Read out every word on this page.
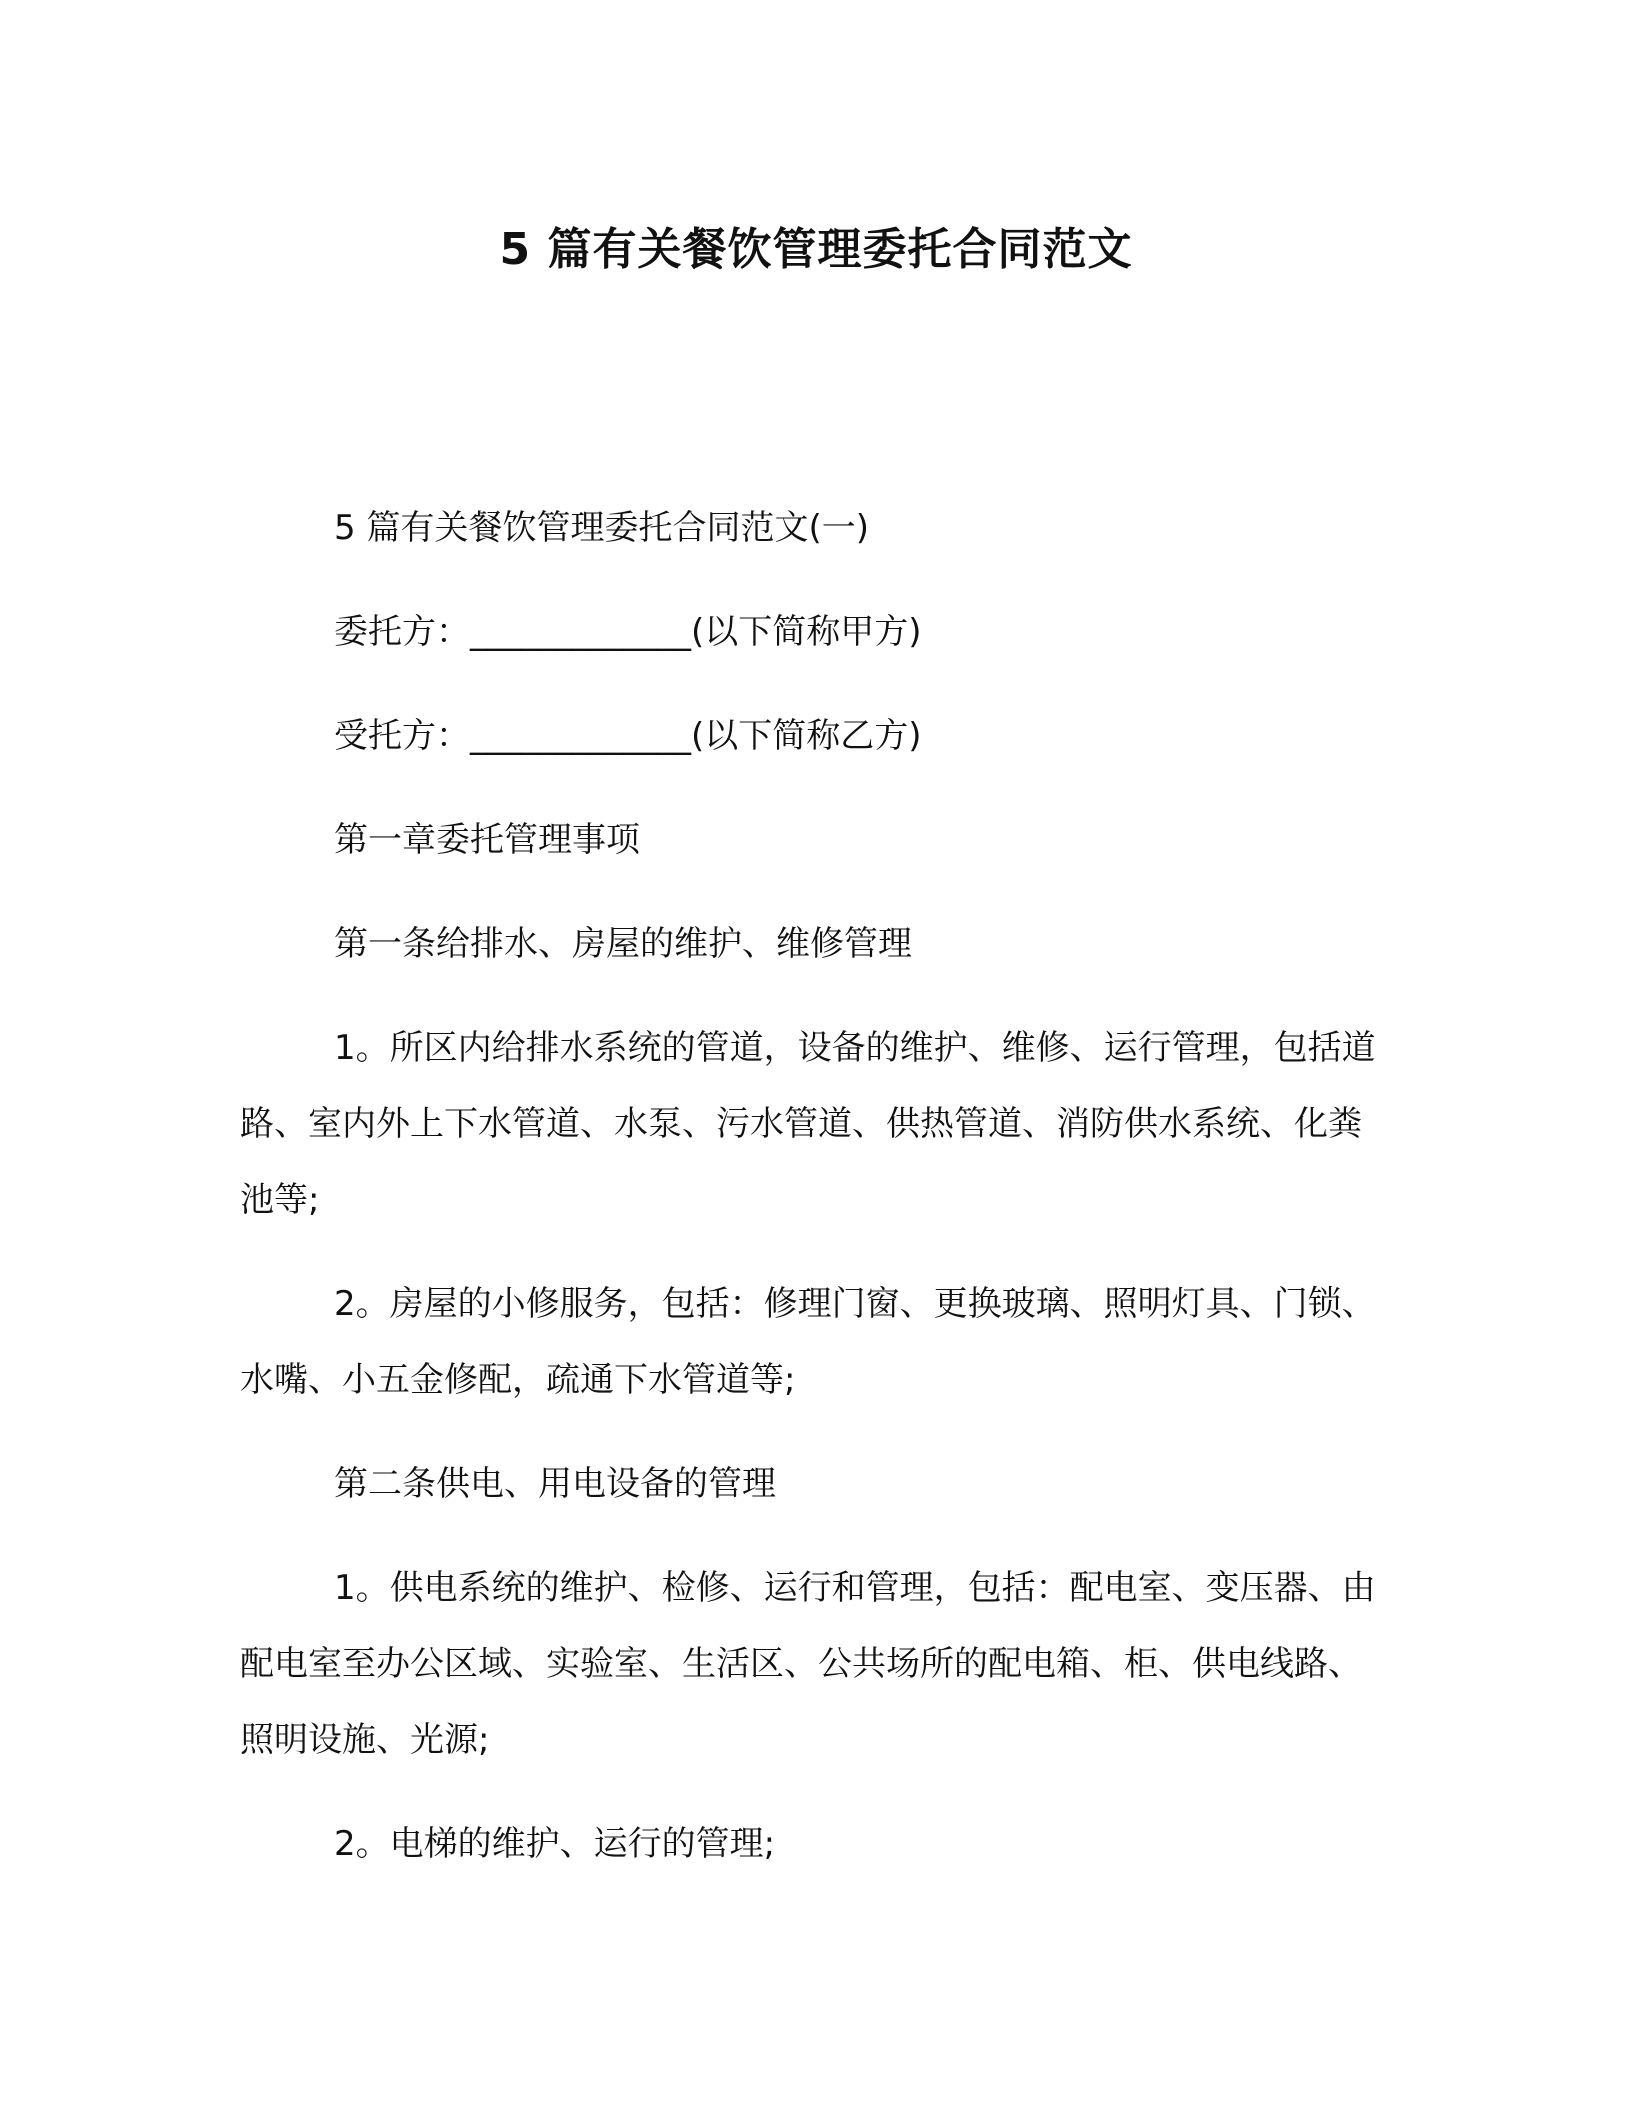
5 篇有关餐饮管理委托合同范文

5 篇有关餐饮管理委托合同范文(一)

委托方：_____________(以下简称甲方)

受托方：_____________(以下简称乙方)

第一章委托管理事项

第一条给排水、房屋的维护、维修管理

1。所区内给排水系统的管道，设备的维护、维修、运行管理，包括道路、室内外上下水管道、水泵、污水管道、供热管道、消防供水系统、化粪池等;

2。房屋的小修服务，包括：修理门窗、更换玻璃、照明灯具、门锁、水嘴、小五金修配，疏通下水管道等;

第二条供电、用电设备的管理

1。供电系统的维护、检修、运行和管理，包括：配电室、变压器、由配电室至办公区域、实验室、生活区、公共场所的配电箱、柜、供电线路、照明设施、光源;

2。电梯的维护、运行的管理;
